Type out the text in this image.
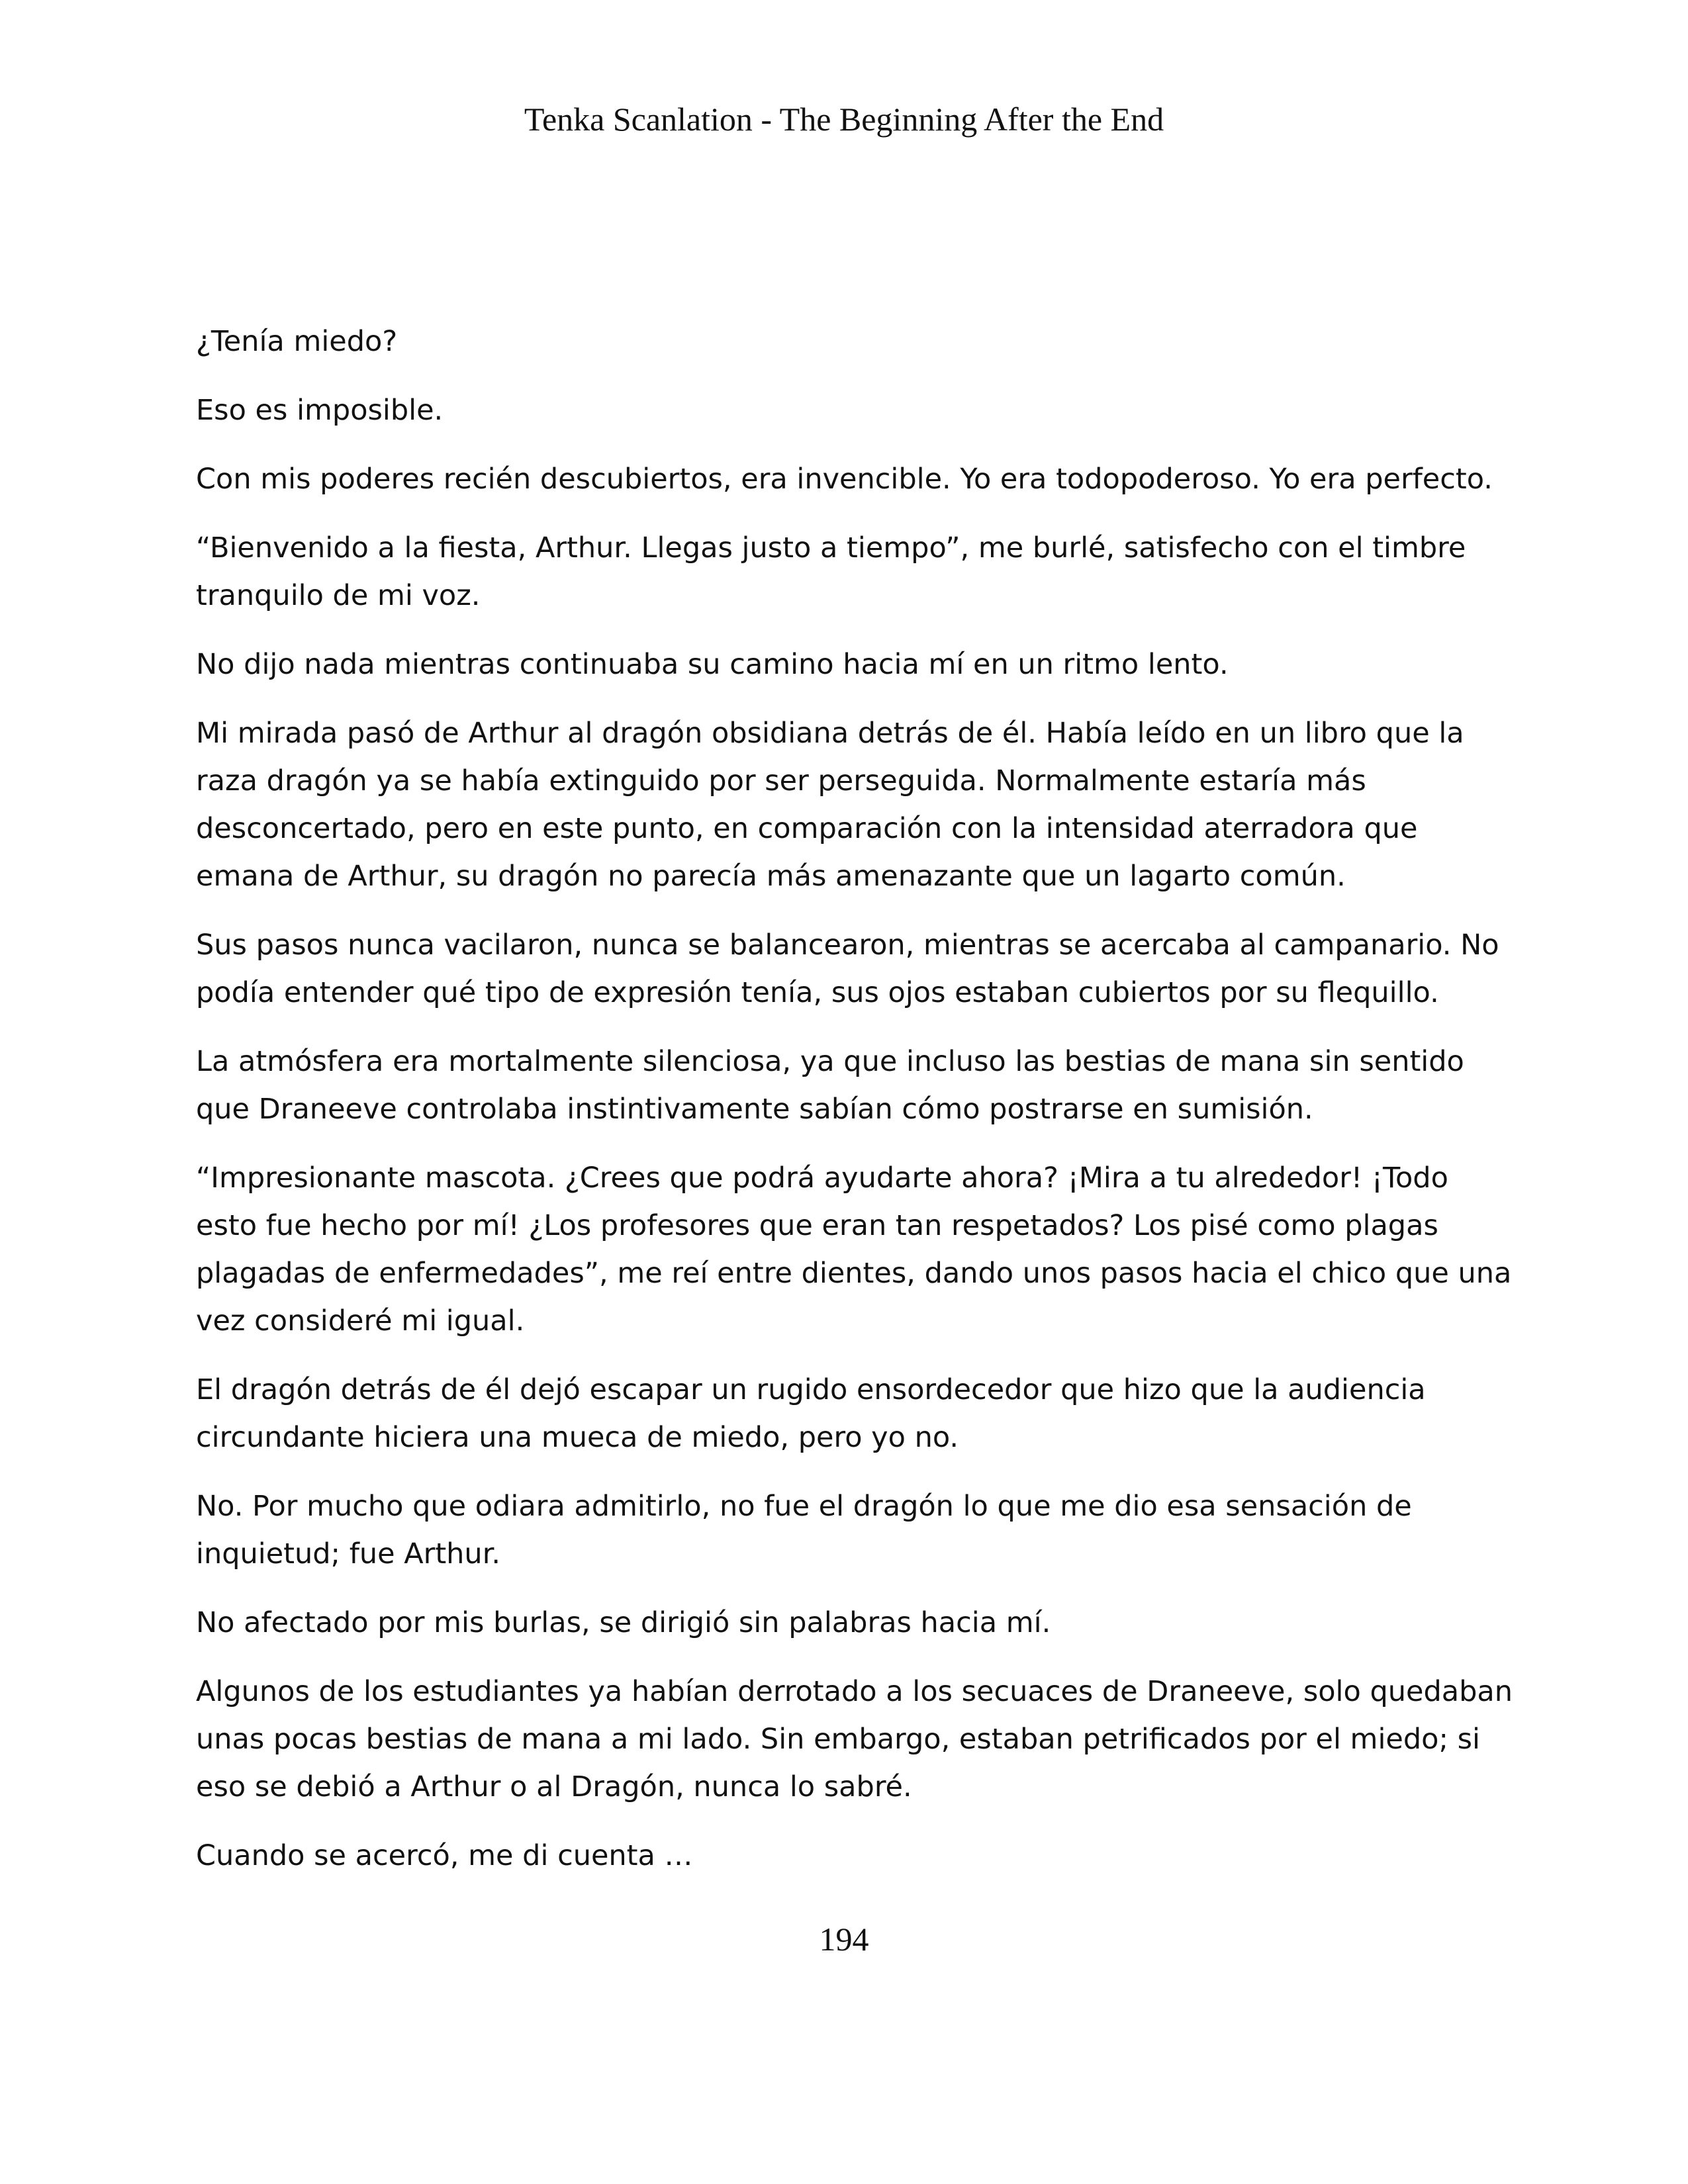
Tenka Scanlation - The Beginning After the End

¿Tenía miedo?

Eso es imposible.

Con mis poderes recién descubiertos, era invencible. Yo era todopoderoso. Yo era perfecto.

“Bienvenido a la fiesta, Arthur. Llegas justo a tiempo”, me burlé, satisfecho con el timbre tranquilo de mi voz.

No dijo nada mientras continuaba su camino hacia mí en un ritmo lento.

Mi mirada pasó de Arthur al dragón obsidiana detrás de él. Había leído en un libro que la raza dragón ya se había extinguido por ser perseguida. Normalmente estaría más desconcertado, pero en este punto, en comparación con la intensidad aterradora que emana de Arthur, su dragón no parecía más amenazante que un lagarto común.

Sus pasos nunca vacilaron, nunca se balancearon, mientras se acercaba al campanario. No podía entender qué tipo de expresión tenía, sus ojos estaban cubiertos por su flequillo.

La atmósfera era mortalmente silenciosa, ya que incluso las bestias de mana sin sentido que Draneeve controlaba instintivamente sabían cómo postrarse en sumisión.

“Impresionante mascota. ¿Crees que podrá ayudarte ahora? ¡Mira a tu alrededor! ¡Todo esto fue hecho por mí! ¿Los profesores que eran tan respetados? Los pisé como plagas plagadas de enfermedades”, me reí entre dientes, dando unos pasos hacia el chico que una vez consideré mi igual.

El dragón detrás de él dejó escapar un rugido ensordecedor que hizo que la audiencia circundante hiciera una mueca de miedo, pero yo no.

No. Por mucho que odiara admitirlo, no fue el dragón lo que me dio esa sensación de inquietud; fue Arthur.

No afectado por mis burlas, se dirigió sin palabras hacia mí.

Algunos de los estudiantes ya habían derrotado a los secuaces de Draneeve, solo quedaban unas pocas bestias de mana a mi lado. Sin embargo, estaban petrificados por el miedo; si eso se debió a Arthur o al Dragón, nunca lo sabré.

Cuando se acercó, me di cuenta …

194
